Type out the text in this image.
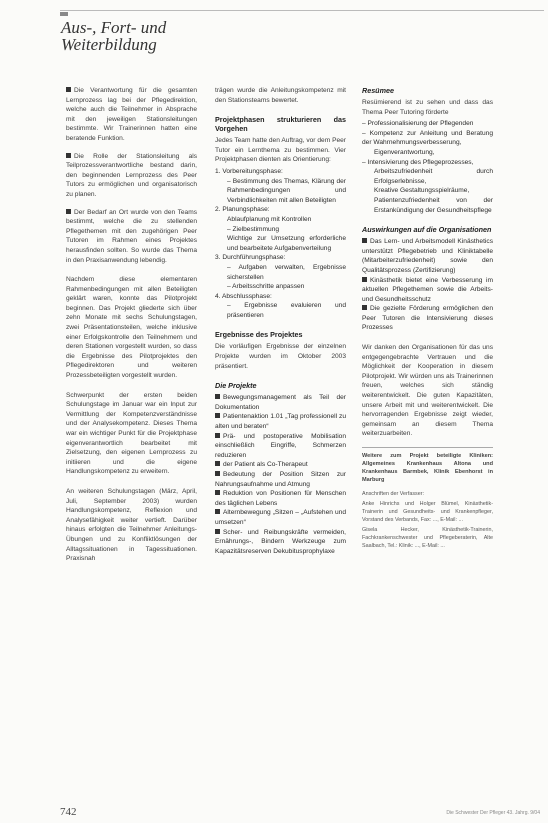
Aus-, Fort- und Weiterbildung

Die Verantwortung für die gesamten Lernprozess lag bei der Pflegedirektion, welche auch die Teilnehmer in Absprache mit den jeweiligen Stationsleitungen bestimmte. Wir Trainerinnen hatten eine beratende Funktion.

Die Rolle der Stationsleitung als Teilprozessverantwortliche bestand darin, den beginnenden Lernprozess des Peer Tutors zu ermöglichen und organisatorisch zu planen.

Der Bedarf an Ort wurde von den Teams bestimmt, welche die zu stellenden Pflegethemen mit den zugehörigen Peer Tutoren im Rahmen eines Projektes herausfinden sollten. So wurde das Thema in den Praxisanwendung lebendig.

Nachdem diese elementaren Rahmenbedingungen mit allen Beteiligten geklärt waren, konnte das Pilotprojekt beginnen. Das Projekt gliederte sich über zehn Monate mit sechs Schulungstagen, zwei Präsentationsteilen, welche inklusive einer Erfolgskontrolle den Teilnehmern und deren Stationen vorgestellt wurden, so dass die Ergebnisse des Pilotprojektes den Pflegedirektoren und weiteren Prozessbeteiligten vorgestellt wurden.

Schwerpunkt der ersten beiden Schulungstage im Januar war ein Input zur Vermittlung der Kompetenzverständnisse und der Analysekompetenz. Dieses Thema war ein wichtiger Punkt für die Projektphase eigenverantwortlich bearbeitet mit Zielsetzung, den eigenen Lernprozess zu initiieren und die eigene Handlungskompetenz zu erweitern.

An weiteren Schulungstagen (März, April, Juli, September 2003) wurden Handlungskompetenz, Reflexion und Analysefähigkeit weiter vertieft. Darüber hinaus erfolgten die Teilnehmer Anleitungs-Übungen und zu Konfliktlösungen der Alltagssituationen in Tagessituationen. Praxisnah

trägen wurde die Anleitungskompetenz mit den Stationsteams bewertet.

Projektphasen strukturieren das Vorgehen

Jedes Team hatte den Auftrag, vor dem Peer Tutor ein Lernthema zu bestimmen. Vier Projektphasen dienten als Orientierung:

1. Vorbereitungsphase:
– Bestimmung des Themas, Klärung der Rahmenbedingungen und Verbindlichkeiten mit allen Beteiligten
2. Planungsphase:
Ablaufplanung mit Kontrollen
– Zielbestimmung
Wichtige zur Umsetzung erforderliche und bearbeitete Aufgabenverteilung
3. Durchführungsphase:
– Aufgaben verwalten, Ergebnisse sicherstellen
– Arbeitsschritte anpassen
4. Abschlussphase:
– Ergebnisse evaluieren und präsentieren
Ergebnisse des Projektes

Die vorläufigen Ergebnisse der einzelnen Projekte wurden im Oktober 2003 präsentiert.

Die Projekte
Bewegungsmanagement als Teil der Dokumentation
Patientenaktion 1.01 „Tag professionell zu alten und beraten“
Prä- und postoperative Mobilisation einschließlich Eingriffe, Schmerzen reduzieren
der Patient als Co-Therapeut
Bedeutung der Position Sitzen zur Nahrungsaufnahme und Atmung
Reduktion von Positionen für Menschen des täglichen Lebens
Alternbewegung „Sitzen – „Aufstehen und umsetzen“
Scher- und Reibungskräfte vermeiden, Ernährungs-, Bindern Werkzeuge zum Kapazitätsreserven Dekubitusprophylaxe
Resümee

Resümierend ist zu sehen und dass das Thema Peer Tutoring förderte

– Professionalisierung der Pflegenden
– Kompetenz zur Anleitung und Beratung der Wahrnehmungsverbesserung,
Eigenverantwortung,
– Intensivierung des Pflegeprozesses,
Arbeitszufriedenheit durch Erfolgserlebnisse,
Kreative Gestaltungsspielräume,
Patientenzufriedenheit von der Erstankündigung der Gesundheitspflege
Auswirkungen auf die Organisationen
Das Lern- und Arbeitsmodell Kinästhetics unterstützt Pflegebetrieb und Kliniktabelle (Mitarbeiterzufriedenheit) sowie den Qualitätsprozess (Zertifizierung)
Kinästhetik bietet eine Verbesserung im aktuellen Pflegethemen sowie die Arbeits- und Gesundheitsschutz
Die gezielte Förderung ermöglichen den Peer Tutoren die Intensivierung dieses Prozesses

Wir danken den Organisationen für das uns entgegengebrachte Vertrauen und die Möglichkeit der Kooperation in diesem Pilotprojekt. Wir würden uns als Trainerinnen freuen, welches sich ständig weiterentwickelt. Die guten Kapazitäten, unsere Arbeit mit und weiterentwickelt. Die hervorragenden Ergebnisse zeigt wieder, gemeinsam an diesem Thema weiterzuarbeiten.

Weitere zum Projekt beteiligte Kliniken: Allgemeines Krankenhaus Altona und Krankenhaus Barmbek, Klinik Ebenhorst in Marburg
Anschriften der Verfasser:
Anke Hinrichs und Holger Blümel, Kinästhetik-Trainerin und Gesundheits- und Krankenpfleger, Vorstand des Verbands, Fax: ..., E-Mail: ...
Gisela Hecker, Kinästhetik-Trainerin, Fachkrankenschwester und Pflegeberaterin, Alte Saalbach, Tel.: Klinik: ..., E-Mail: ...
742	Die Schwester Der Pfleger 43. Jahrg. 9/04
